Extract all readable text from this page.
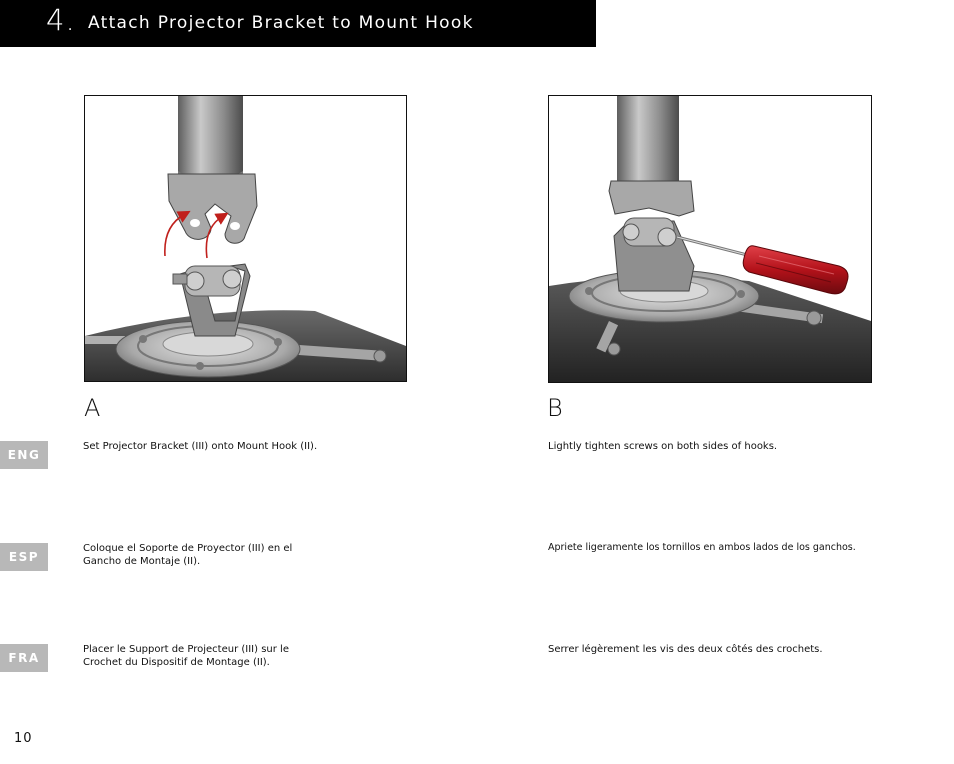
4. Attach Projector Bracket to Mount Hook
A	B
ENG
ESP
FRA
Set Projector Bracket (III) onto Mount Hook (II).
Coloque el Soporte de Proyector (III) en el Gancho de Montaje (II).
Placer le Support de Projecteur (III) sur le Crochet du Dispositif de Montage (II).
Lightly tighten screws on both sides of hooks.
Apriete ligeramente los tornillos en ambos lados de los ganchos.
Serrer légèrement les vis des deux côtés des crochets.
10
